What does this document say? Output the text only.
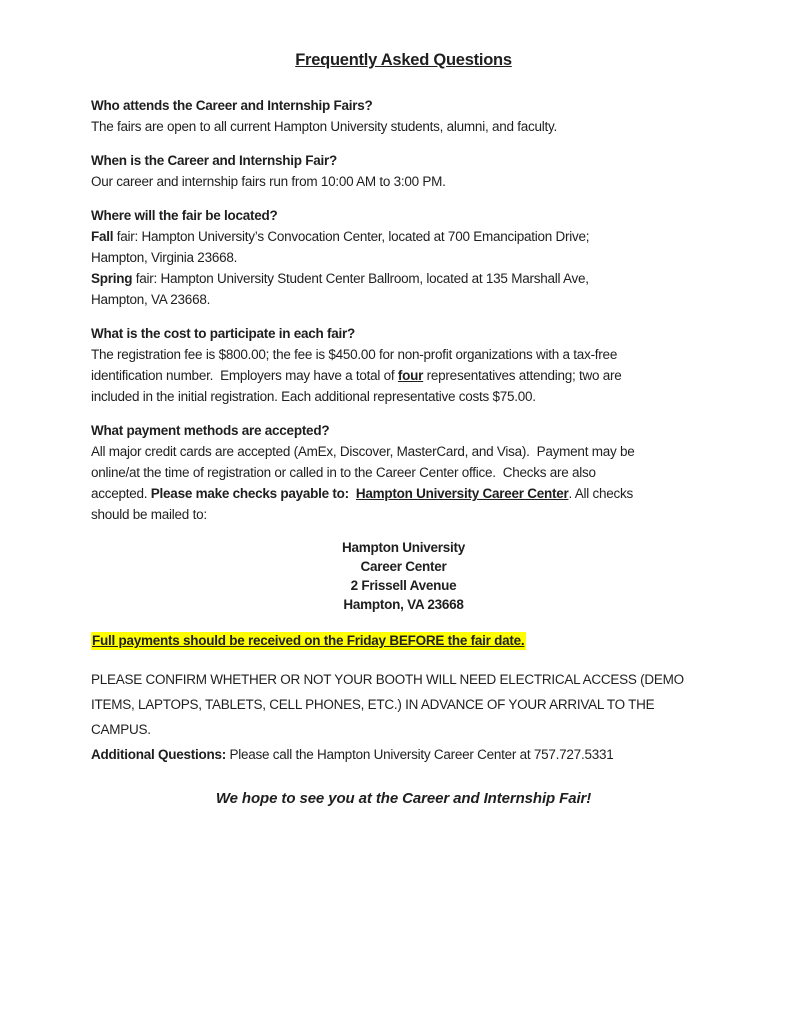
Frequently Asked Questions
Who attends the Career and Internship Fairs?
The fairs are open to all current Hampton University students, alumni, and faculty.
When is the Career and Internship Fair?
Our career and internship fairs run from 10:00 AM to 3:00 PM.
Where will the fair be located?
Fall fair: Hampton University’s Convocation Center, located at 700 Emancipation Drive;
Hampton, Virginia 23668.
Spring fair: Hampton University Student Center Ballroom, located at 135 Marshall Ave,
Hampton, VA 23668.
What is the cost to participate in each fair?
The registration fee is $800.00; the fee is $450.00 for non-profit organizations with a tax-free
identification number.  Employers may have a total of four representatives attending; two are
included in the initial registration. Each additional representative costs $75.00.
What payment methods are accepted?
All major credit cards are accepted (AmEx, Discover, MasterCard, and Visa).  Payment may be
online/at the time of registration or called in to the Career Center office.  Checks are also
accepted. Please make checks payable to:  Hampton University Career Center. All checks
should be mailed to:
Hampton University
Career Center
2 Frissell Avenue
Hampton, VA 23668
Full payments should be received on the Friday BEFORE the fair date.
PLEASE CONFIRM WHETHER OR NOT YOUR BOOTH WILL NEED ELECTRICAL ACCESS (DEMO
ITEMS, LAPTOPS, TABLETS, CELL PHONES, ETC.) IN ADVANCE OF YOUR ARRIVAL TO THE
CAMPUS.
Additional Questions: Please call the Hampton University Career Center at 757.727.5331
We hope to see you at the Career and Internship Fair!
